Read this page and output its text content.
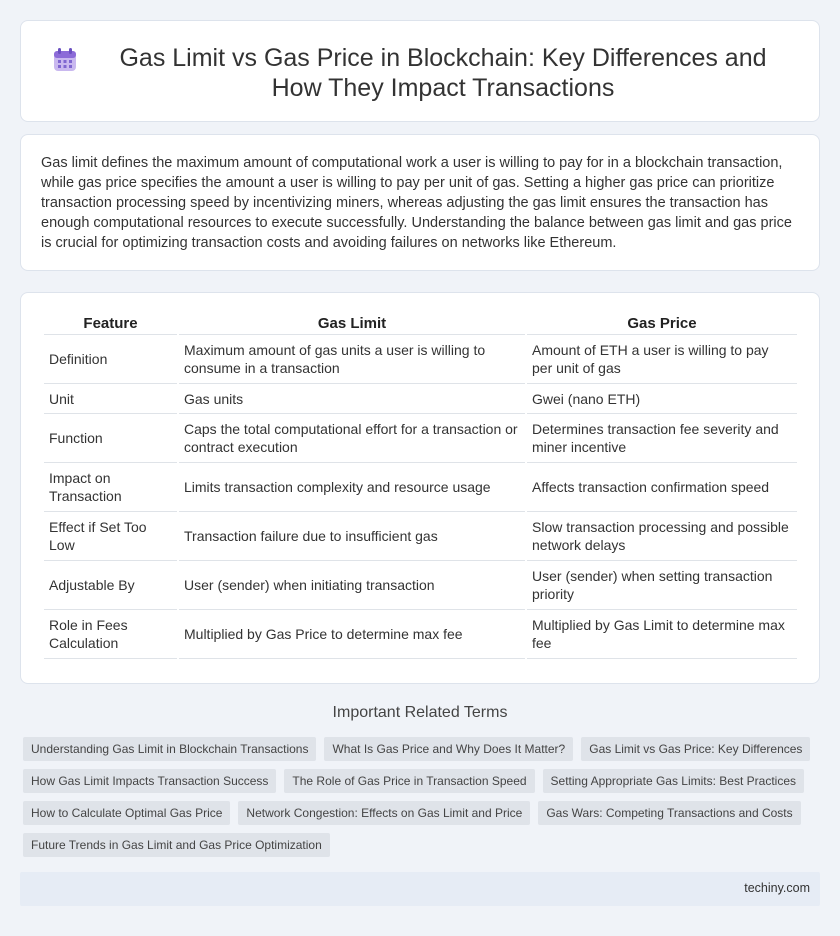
Gas Limit vs Gas Price in Blockchain: Key Differences and How They Impact Transactions

Gas limit defines the maximum amount of computational work a user is willing to pay for in a blockchain transaction, while gas price specifies the amount a user is willing to pay per unit of gas. Setting a higher gas price can prioritize transaction processing speed by incentivizing miners, whereas adjusting the gas limit ensures the transaction has enough computational resources to execute successfully. Understanding the balance between gas limit and gas price is crucial for optimizing transaction costs and avoiding failures on networks like Ethereum.

Feature	Gas Limit	Gas Price
Definition	Maximum amount of gas units a user is willing to consume in a transaction	Amount of ETH a user is willing to pay per unit of gas
Unit	Gas units	Gwei (nano ETH)
Function	Caps the total computational effort for a transaction or contract execution	Determines transaction fee severity and miner incentive
Impact on Transaction	Limits transaction complexity and resource usage	Affects transaction confirmation speed
Effect if Set Too Low	Transaction failure due to insufficient gas	Slow transaction processing and possible network delays
Adjustable By	User (sender) when initiating transaction	User (sender) when setting transaction priority
Role in Fees Calculation	Multiplied by Gas Price to determine max fee	Multiplied by Gas Limit to determine max fee
Important Related Terms
Understanding Gas Limit in Blockchain Transactions	What Is Gas Price and Why Does It Matter?	Gas Limit vs Gas Price: Key Differences
How Gas Limit Impacts Transaction Success	The Role of Gas Price in Transaction Speed	Setting Appropriate Gas Limits: Best Practices
How to Calculate Optimal Gas Price	Network Congestion: Effects on Gas Limit and Price	Gas Wars: Competing Transactions and Costs
Future Trends in Gas Limit and Gas Price Optimization
techiny.com
